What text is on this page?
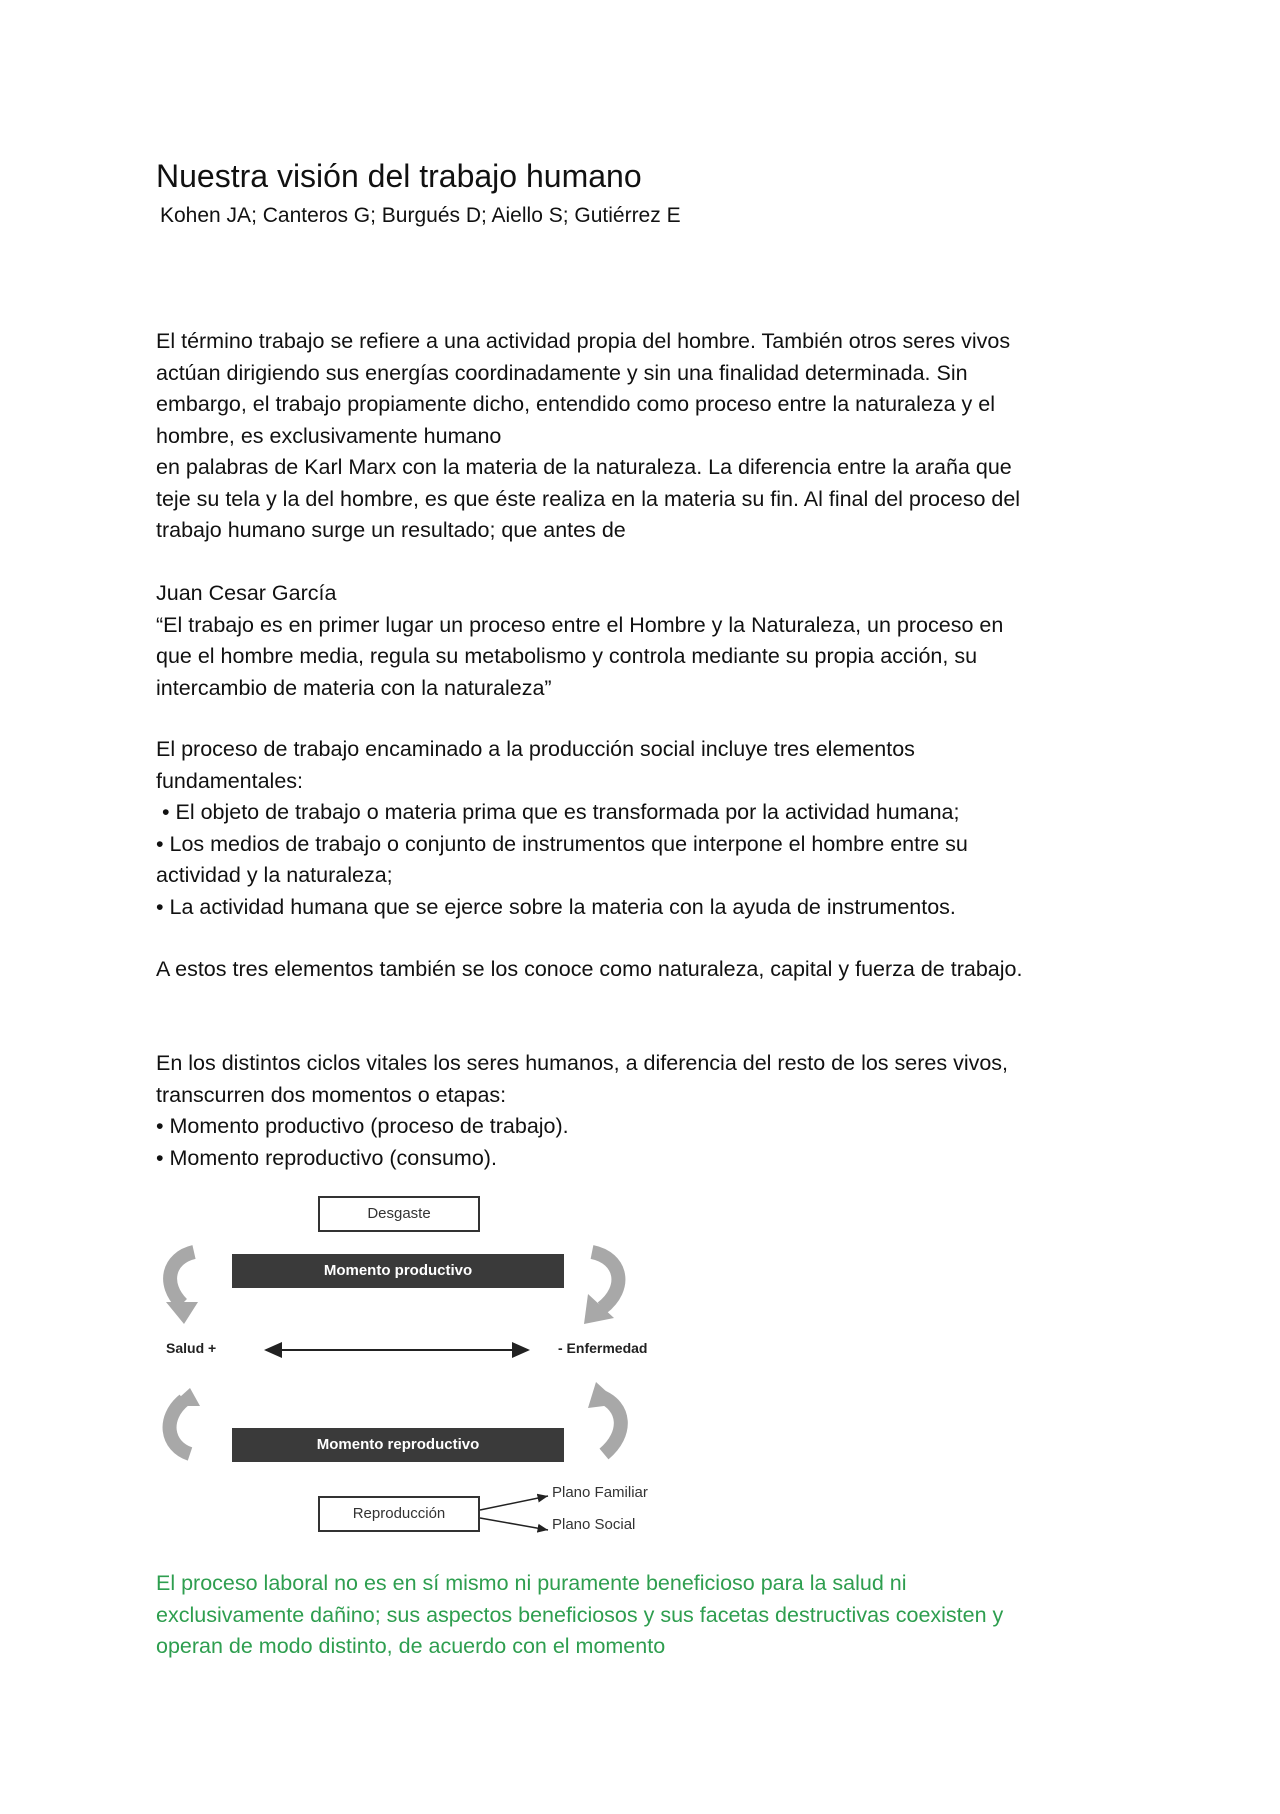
Nuestra visión del trabajo humano

Kohen JA; Canteros G; Burgués D; Aiello S; Gutiérrez E

El término trabajo se refiere a una actividad propia del hombre. También otros seres vivos
actúan dirigiendo sus energías coordinadamente y sin una finalidad determinada. Sin
embargo, el trabajo propiamente dicho, entendido como proceso entre la naturaleza y el
hombre, es exclusivamente humano
en palabras de Karl Marx con la materia de la naturaleza. La diferencia entre la araña que
teje su tela y la del hombre, es que éste realiza en la materia su fin. Al final del proceso del
trabajo humano surge un resultado; que antes de
Juan Cesar García
“El trabajo es en primer lugar un proceso entre el Hombre y la Naturaleza, un proceso en
que el hombre media, regula su metabolismo y controla mediante su propia acción, su
intercambio de materia con la naturaleza”
El proceso de trabajo encaminado a la producción social incluye tres elementos
fundamentales:
• El objeto de trabajo o materia prima que es transformada por la actividad humana;
• Los medios de trabajo o conjunto de instrumentos que interpone el hombre entre su
actividad y la naturaleza;
• La actividad humana que se ejerce sobre la materia con la ayuda de instrumentos.
A estos tres elementos también se los conoce como naturaleza, capital y fuerza de trabajo.
En los distintos ciclos vitales los seres humanos, a diferencia del resto de los seres vivos,
transcurren dos momentos o etapas:
• Momento productivo (proceso de trabajo).
• Momento reproductivo (consumo).
Desgaste
Momento productivo
Salud +	- Enfermedad
Momento reproductivo
Reproducción
Plano Familiar
Plano Social
El proceso laboral no es en sí mismo ni puramente beneficioso para la salud ni
exclusivamente dañino; sus aspectos beneficiosos y sus facetas destructivas coexisten y
operan de modo distinto, de acuerdo con el momento
